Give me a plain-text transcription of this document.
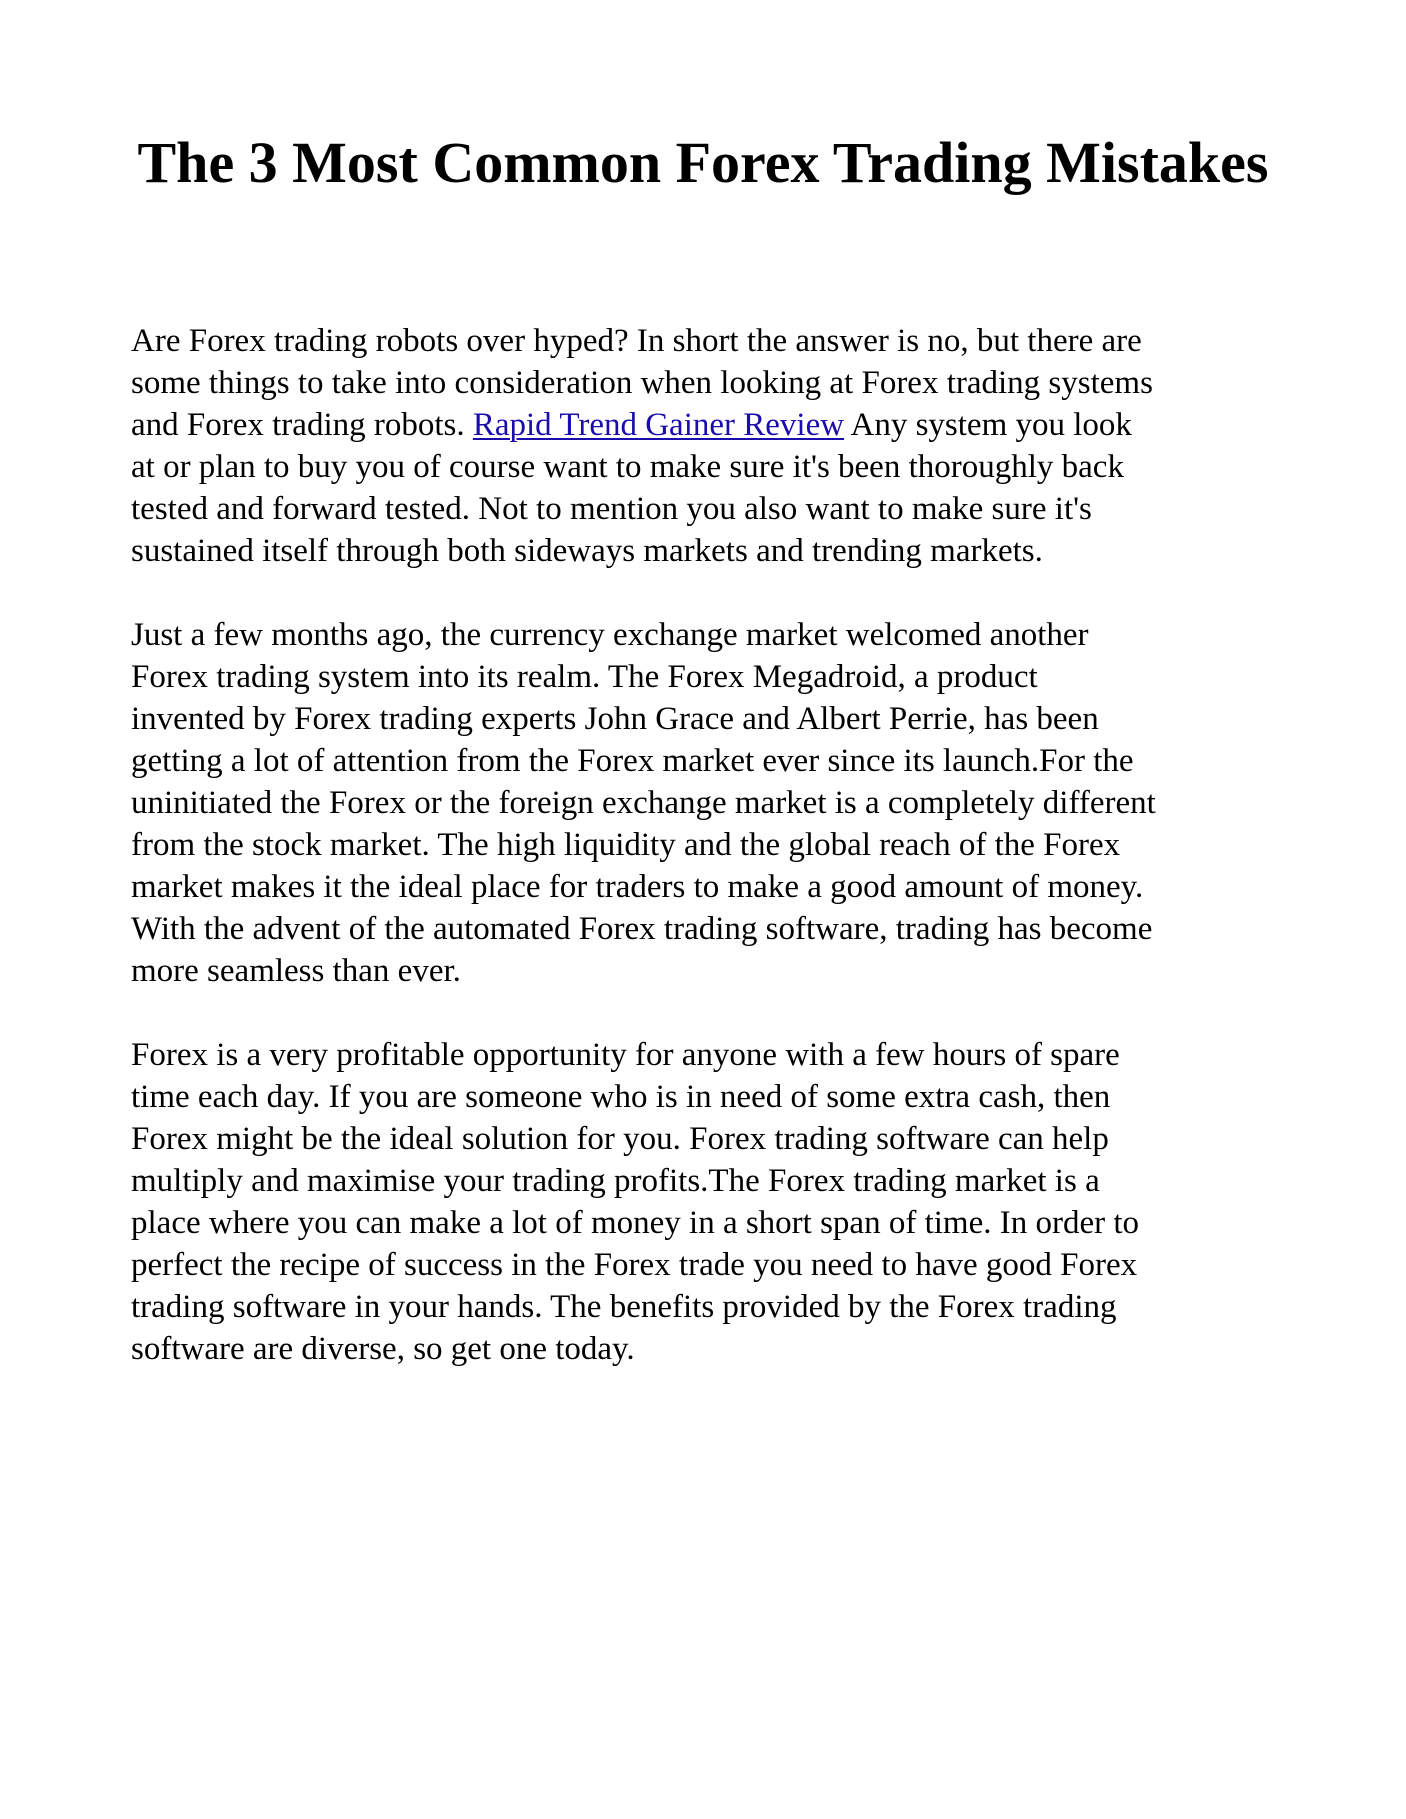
The 3 Most Common Forex Trading Mistakes

Are Forex trading robots over hyped? In short the answer is no, but there are
some things to take into consideration when looking at Forex trading systems
and Forex trading robots. Rapid Trend Gainer Review Any system you look
at or plan to buy you of course want to make sure it's been thoroughly back
tested and forward tested. Not to mention you also want to make sure it's
sustained itself through both sideways markets and trending markets.

Just a few months ago, the currency exchange market welcomed another
Forex trading system into its realm. The Forex Megadroid, a product
invented by Forex trading experts John Grace and Albert Perrie, has been
getting a lot of attention from the Forex market ever since its launch.For the
uninitiated the Forex or the foreign exchange market is a completely different
from the stock market. The high liquidity and the global reach of the Forex
market makes it the ideal place for traders to make a good amount of money.
With the advent of the automated Forex trading software, trading has become
more seamless than ever.

Forex is a very profitable opportunity for anyone with a few hours of spare
time each day. If you are someone who is in need of some extra cash, then
Forex might be the ideal solution for you. Forex trading software can help
multiply and maximise your trading profits.The Forex trading market is a
place where you can make a lot of money in a short span of time. In order to
perfect the recipe of success in the Forex trade you need to have good Forex
trading software in your hands. The benefits provided by the Forex trading
software are diverse, so get one today.
